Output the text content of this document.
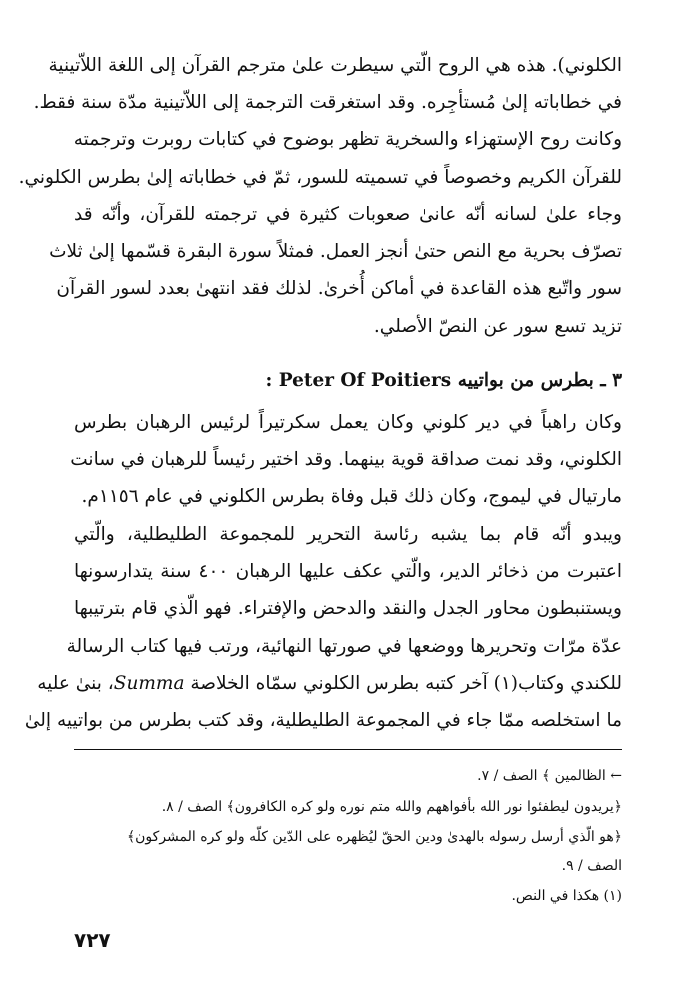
الكلوني). هذه هي الروح الّتي سيطرت علىٰ مترجم القرآن إلى اللغة اللاّتينية
في خطاباته إلىٰ مُستأجِره. وقد استغرقت الترجمة إلى اللاّتينية مدّة سنة فقط.
وكانت روح الإستهزاء والسخرية تظهر بوضوح في كتابات روبرت وترجمته
للقرآن الكريم وخصوصاً في تسميته للسور، ثمّ في خطاباته إلىٰ بطرس الكلوني.
وجاء علىٰ لسانه أنّه عانىٰ صعوبات كثيرة في ترجمته للقرآن، وأنّه قد
تصرّف بحرية مع النص حتىٰ أنجز العمل. فمثلاً سورة البقرة قسّمها إلىٰ ثلاث
سور واتّبع هذه القاعدة في أماكن أُخرىٰ. لذلك فقد انتهىٰ بعدد لسور القرآن
تزيد تسع سور عن النصّ الأصلي.
٣ ـ بطرس من بواتييه Peter Of Poitiers :
وكان راهباً في دير كلوني وكان يعمل سكرتيراً لرئيس الرهبان بطرس
الكلوني، وقد نمت صداقة قوية بينهما. وقد اختير رئيساً للرهبان في سانت
مارتيال في ليموج، وكان ذلك قبل وفاة بطرس الكلوني في عام ١١٥٦م.
ويبدو أنّه قام بما يشبه رئاسة التحرير للمجموعة الطليطلية، والّتي
اعتبرت من ذخائر الدير، والّتي عكف عليها الرهبان ٤٠٠ سنة يتدارسونها
ويستنبطون محاور الجدل والنقد والدحض والإفتراء. فهو الّذي قام بترتيبها
عدّة مرّات وتحريرها ووضعها في صورتها النهائية، ورتب فيها كتاب الرسالة
للكندي وكتاب(١) آخر كتبه بطرس الكلوني سمّاه الخلاصة Summa، بنىٰ عليه
ما استخلصه ممّا جاء في المجموعة الطليطلية، وقد كتب بطرس من بواتييه إلىٰ
← الظالمين ﴾ الصف / ٧.
﴿يريدون ليطفئوا نور الله بأفواههم والله متم نوره ولو كره الكافرون﴾ الصف / ٨.
﴿هو الّذي أرسل رسوله بالهدىٰ ودين الحقّ ليُظهره على الدّين كلّه ولو كره المشركون﴾
الصف / ٩.
(١) هكذا في النص.
٧٢٧
